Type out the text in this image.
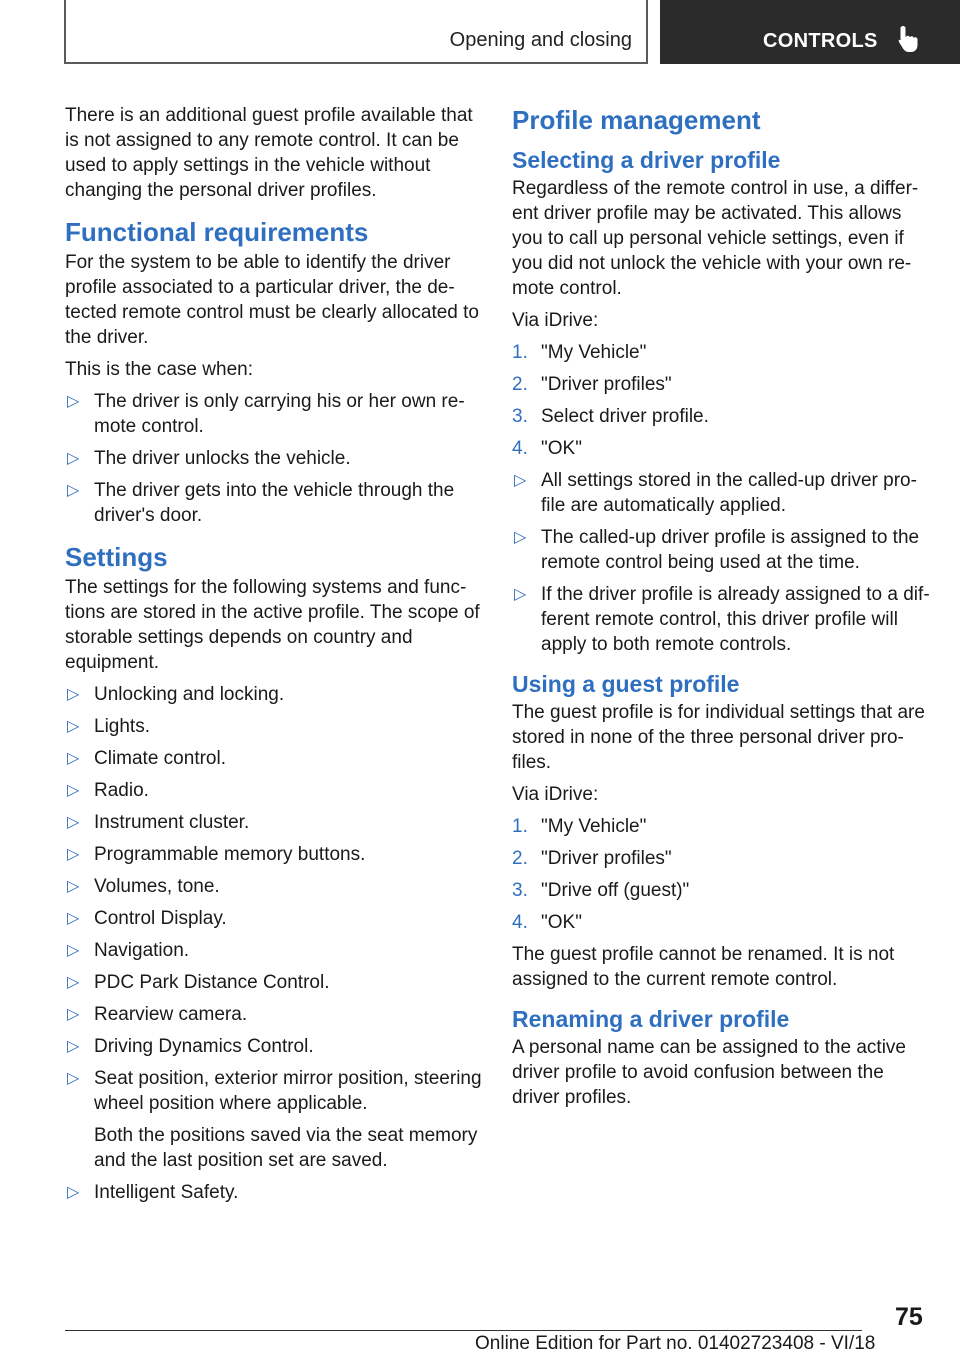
Opening and closing	CONTROLS

There is an additional guest profile available that is not assigned to any remote control. It can be used to apply settings in the vehicle without changing the personal driver profiles.

Functional requirements

For the system to be able to identify the driver profile associated to a particular driver, the detected remote control must be clearly allocated to the driver.

This is the case when:

▷ The driver is only carrying his or her own remote control.
▷ The driver unlocks the vehicle.
▷ The driver gets into the vehicle through the driver's door.
Settings

The settings for the following systems and functions are stored in the active profile. The scope of storable settings depends on country and equipment.

▷ Unlocking and locking.
▷ Lights.
▷ Climate control.
▷ Radio.
▷ Instrument cluster.
▷ Programmable memory buttons.
▷ Volumes, tone.
▷ Control Display.
▷ Navigation.
▷ PDC Park Distance Control.
▷ Rearview camera.
▷ Driving Dynamics Control.
▷ Seat position, exterior mirror position, steering wheel position where applicable.
Both the positions saved via the seat memory and the last position set are saved.
▷ Intelligent Safety.
Profile management
Selecting a driver profile

Regardless of the remote control in use, a different driver profile may be activated. This allows you to call up personal vehicle settings, even if you did not unlock the vehicle with your own remote control.

Via iDrive:

1. "My Vehicle"
2. "Driver profiles"
3. Select driver profile.
4. "OK"
▷ All settings stored in the called-up driver profile are automatically applied.
▷ The called-up driver profile is assigned to the remote control being used at the time.
▷ If the driver profile is already assigned to a different remote control, this driver profile will apply to both remote controls.
Using a guest profile

The guest profile is for individual settings that are stored in none of the three personal driver profiles.

Via iDrive:

1. "My Vehicle"
2. "Driver profiles"
3. "Drive off (guest)"
4. "OK"

The guest profile cannot be renamed. It is not assigned to the current remote control.

Renaming a driver profile

A personal name can be assigned to the active driver profile to avoid confusion between the driver profiles.

75
Online Edition for Part no. 01402723408 - VI/18
